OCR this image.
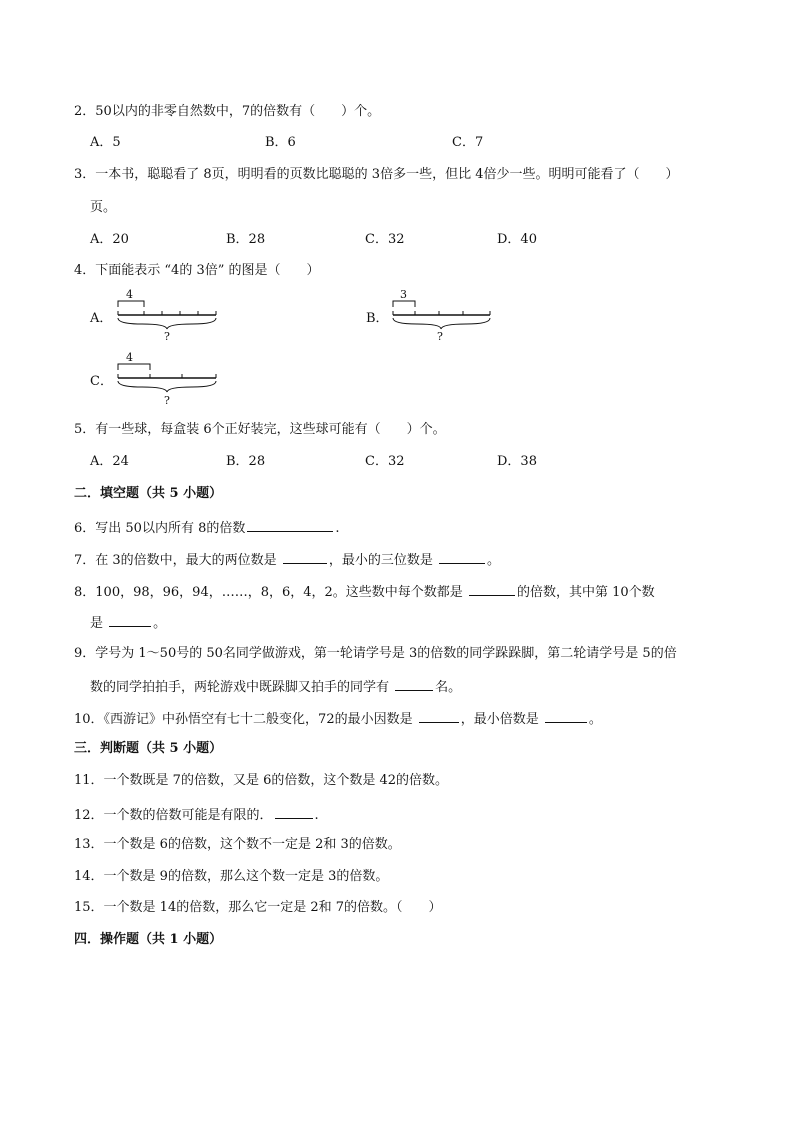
2．50以内的非零自然数中，7的倍数有（　　）个。
A．5	B．6	C．7
3．一本书，聪聪看了 8页，明明看的页数比聪聪的 3倍多一些，但比 4倍少一些。明明可能看了（　　）
页。
A．20	B．28	C．32	D．40
4．下面能表示 “4的 3倍” 的图是（　　）
A．
4
?
B．
3
?
C．
4
?
5．有一些球，每盒装 6个正好装完，这些球可能有（　　）个。
A．24	B．28	C．32	D．38
二．填空题（共 5 小题）
6．写出 50以内所有 8的倍数	.
7．在 3的倍数中，最大的两位数是	，最小的三位数是	。
8．100，98，96，94，……，8，6，4，2。这些数中每个数都是	的倍数，其中第 10个数
是	。
9．学号为 1～50号的 50名同学做游戏，第一轮请学号是 3的倍数的同学跺跺脚，第二轮请学号是 5的倍
数的同学拍拍手，两轮游戏中既跺脚又拍手的同学有	名。
10．《西游记》中孙悟空有七十二般变化，72的最小因数是	，最小倍数是	。
三．判断题（共 5 小题）
11．一个数既是 7的倍数，又是 6的倍数，这个数是 42的倍数。
12．一个数的倍数可能是有限的．	.
13．一个数是 6的倍数，这个数不一定是 2和 3的倍数。
14．一个数是 9的倍数，那么这个数一定是 3的倍数。
15．一个数是 14的倍数，那么它一定是 2和 7的倍数。（　　）
四．操作题（共 1 小题）
